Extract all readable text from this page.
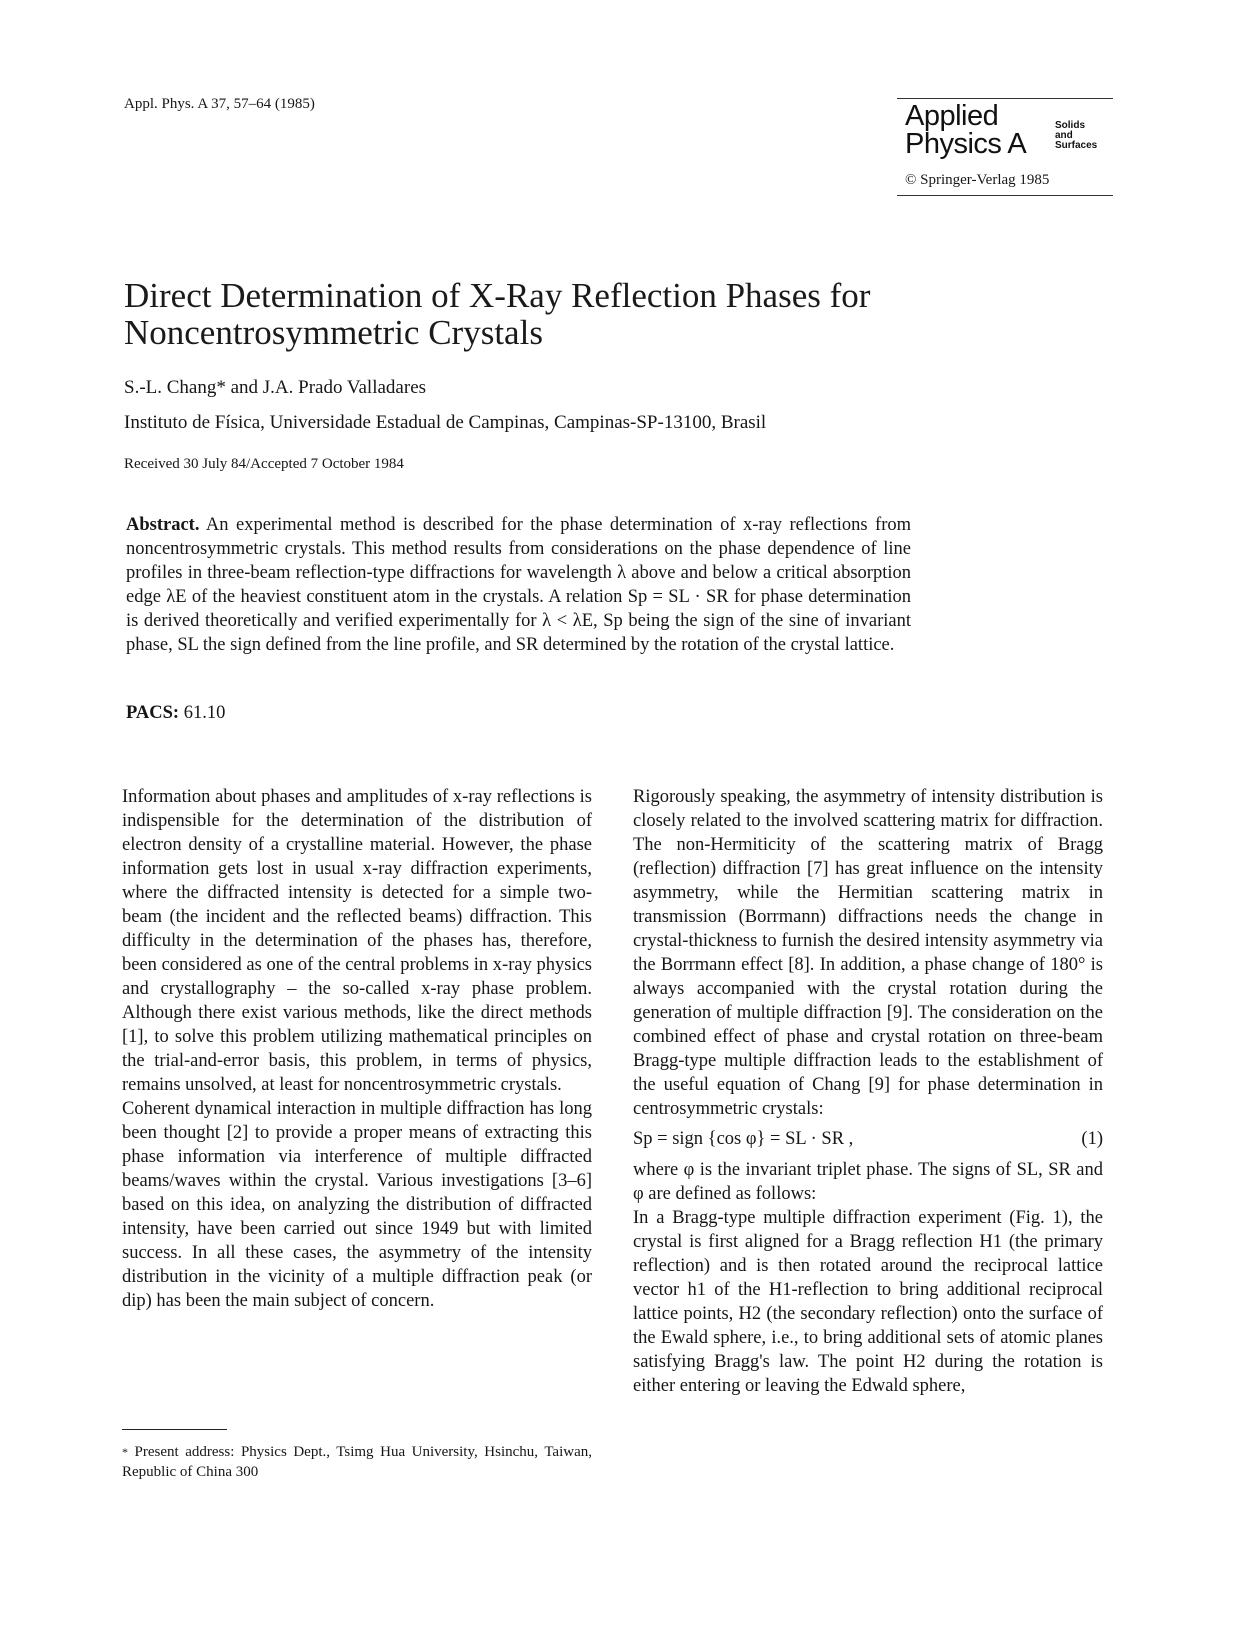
Appl. Phys. A 37, 57–64 (1985)	Applied
Physics A
Solids
and
Surfaces
© Springer-Verlag 1985
Direct Determination of X-Ray Reflection Phases for Noncentrosymmetric Crystals
S.-L. Chang* and J.A. Prado Valladares
Instituto de Física, Universidade Estadual de Campinas, Campinas-SP-13100, Brasil
Received 30 July 84/Accepted 7 October 1984
Abstract. An experimental method is described for the phase determination of x-ray reflections from noncentrosymmetric crystals. This method results from considerations on the phase dependence of line profiles in three-beam reflection-type diffractions for wavelength λ above and below a critical absorption edge λE of the heaviest constituent atom in the crystals. A relation Sp = SL · SR for phase determination is derived theoretically and verified experimentally for λ < λE, Sp being the sign of the sine of invariant phase, SL the sign defined from the line profile, and SR determined by the rotation of the crystal lattice.
PACS: 61.10

Information about phases and amplitudes of x-ray reflections is indispensible for the determination of the distribution of electron density of a crystalline material. However, the phase information gets lost in usual x-ray diffraction experiments, where the diffracted intensity is detected for a simple two-beam (the incident and the reflected beams) diffraction. This difficulty in the determination of the phases has, therefore, been considered as one of the central problems in x-ray physics and crystallography – the so-called x-ray phase problem. Although there exist various methods, like the direct methods [1], to solve this problem utilizing mathematical principles on the trial-and-error basis, this problem, in terms of physics, remains unsolved, at least for noncentrosymmetric crystals.

Coherent dynamical interaction in multiple diffraction has long been thought [2] to provide a proper means of extracting this phase information via interference of multiple diffracted beams/waves within the crystal. Various investigations [3–6] based on this idea, on analyzing the distribution of diffracted intensity, have been carried out since 1949 but with limited success. In all these cases, the asymmetry of the intensity distribution in the vicinity of a multiple diffraction peak (or dip) has been the main subject of concern.

Rigorously speaking, the asymmetry of intensity distribution is closely related to the involved scattering matrix for diffraction. The non-Hermiticity of the scattering matrix of Bragg (reflection) diffraction [7] has great influence on the intensity asymmetry, while the Hermitian scattering matrix in transmission (Borrmann) diffractions needs the change in crystal-thickness to furnish the desired intensity asymmetry via the Borrmann effect [8]. In addition, a phase change of 180° is always accompanied with the crystal rotation during the generation of multiple diffraction [9]. The consideration on the combined effect of phase and crystal rotation on three-beam Bragg-type multiple diffraction leads to the establishment of the useful equation of Chang [9] for phase determination in centrosymmetric crystals:

Sp = sign {cos φ} = SL · SR ,	(1)

where φ is the invariant triplet phase. The signs of SL, SR and φ are defined as follows:

In a Bragg-type multiple diffraction experiment (Fig. 1), the crystal is first aligned for a Bragg reflection H1 (the primary reflection) and is then rotated around the reciprocal lattice vector h1 of the H1-reflection to bring additional reciprocal lattice points, H2 (the secondary reflection) onto the surface of the Ewald sphere, i.e., to bring additional sets of atomic planes satisfying Bragg's law. The point H2 during the rotation is either entering or leaving the Edwald sphere,

* Present address: Physics Dept., Tsimg Hua University, Hsinchu, Taiwan, Republic of China 300
